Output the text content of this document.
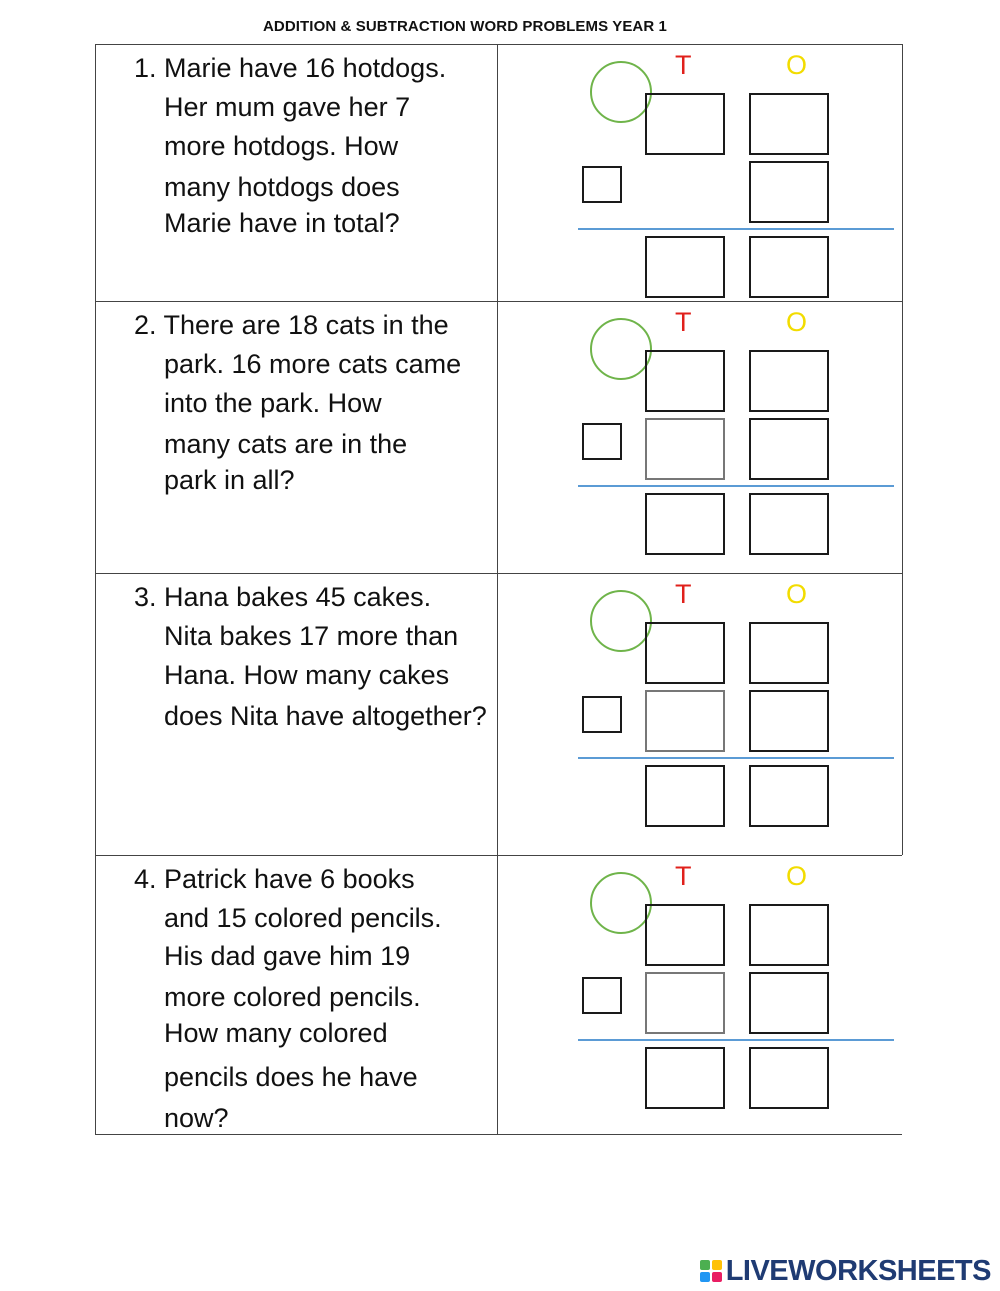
ADDITION & SUBTRACTION WORD PROBLEMS YEAR 1
1. Marie have 16 hotdogs.
Her mum gave her 7
more hotdogs. How
many hotdogs does
Marie have in total?
T	O
2. There are 18 cats in the
park. 16 more cats came
into the park. How
many cats are in the
park in all?
T	O
3. Hana bakes 45 cakes.
Nita bakes 17 more than
Hana. How many cakes
does Nita have altogether?
T	O
4. Patrick have 6 books
and 15 colored pencils.
His dad gave him 19
more colored pencils.
How many colored
pencils does he have
now?
T	O
LIVEWORKSHEETS
